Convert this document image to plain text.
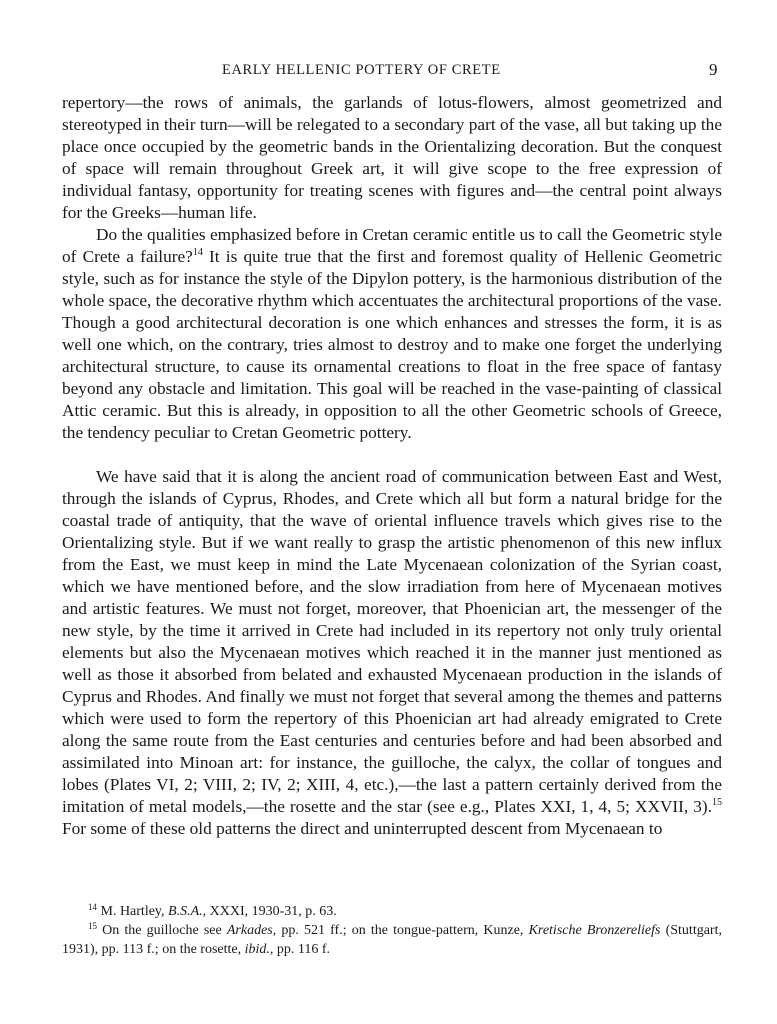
EARLY HELLENIC POTTERY OF CRETE	9

repertory—the rows of animals, the garlands of lotus-flowers, almost geometrized and stereotyped in their turn—will be relegated to a secondary part of the vase, all but taking up the place once occupied by the geometric bands in the Orientalizing decoration. But the conquest of space will remain throughout Greek art, it will give scope to the free expression of individual fantasy, opportunity for treating scenes with figures and—the central point always for the Greeks—human life.

Do the qualities emphasized before in Cretan ceramic entitle us to call the Geometric style of Crete a failure?$^{14}$ It is quite true that the first and foremost quality of Hellenic Geometric style, such as for instance the style of the Dipylon pottery, is the harmonious distribution of the whole space, the decorative rhythm which accentuates the architectural proportions of the vase. Though a good architectural decoration is one which enhances and stresses the form, it is as well one which, on the contrary, tries almost to destroy and to make one forget the underlying architectural structure, to cause its ornamental creations to float in the free space of fantasy beyond any obstacle and limitation. This goal will be reached in the vase-painting of classical Attic ceramic. But this is already, in opposition to all the other Geometric schools of Greece, the tendency peculiar to Cretan Geometric pottery.

We have said that it is along the ancient road of communication between East and West, through the islands of Cyprus, Rhodes, and Crete which all but form a natural bridge for the coastal trade of antiquity, that the wave of oriental influence travels which gives rise to the Orientalizing style. But if we want really to grasp the artistic phenomenon of this new influx from the East, we must keep in mind the Late Mycenaean colonization of the Syrian coast, which we have mentioned before, and the slow irradiation from here of Mycenaean motives and artistic features. We must not forget, moreover, that Phoenician art, the messenger of the new style, by the time it arrived in Crete had included in its repertory not only truly oriental elements but also the Mycenaean motives which reached it in the manner just mentioned as well as those it absorbed from belated and exhausted Mycenaean production in the islands of Cyprus and Rhodes. And finally we must not forget that several among the themes and patterns which were used to form the repertory of this Phoenician art had already emigrated to Crete along the same route from the East centuries and centuries before and had been absorbed and assimilated into Minoan art: for instance, the guilloche, the calyx, the collar of tongues and lobes (Plates VI, 2; VIII, 2; IV, 2; XIII, 4, etc.),—the last a pattern certainly derived from the imitation of metal models,—the rosette and the star (see e.g., Plates XXI, 1, 4, 5; XXVII, 3).$^{15}$ For some of these old patterns the direct and uninterrupted descent from Mycenaean to

$^{14}$ M. Hartley, B.S.A., XXXI, 1930-31, p. 63.

$^{15}$ On the guilloche see Arkades, pp. 521 ff.; on the tongue-pattern, Kunze, Kretische Bronzereliefs (Stuttgart, 1931), pp. 113 f.; on the rosette, ibid., pp. 116 f.
